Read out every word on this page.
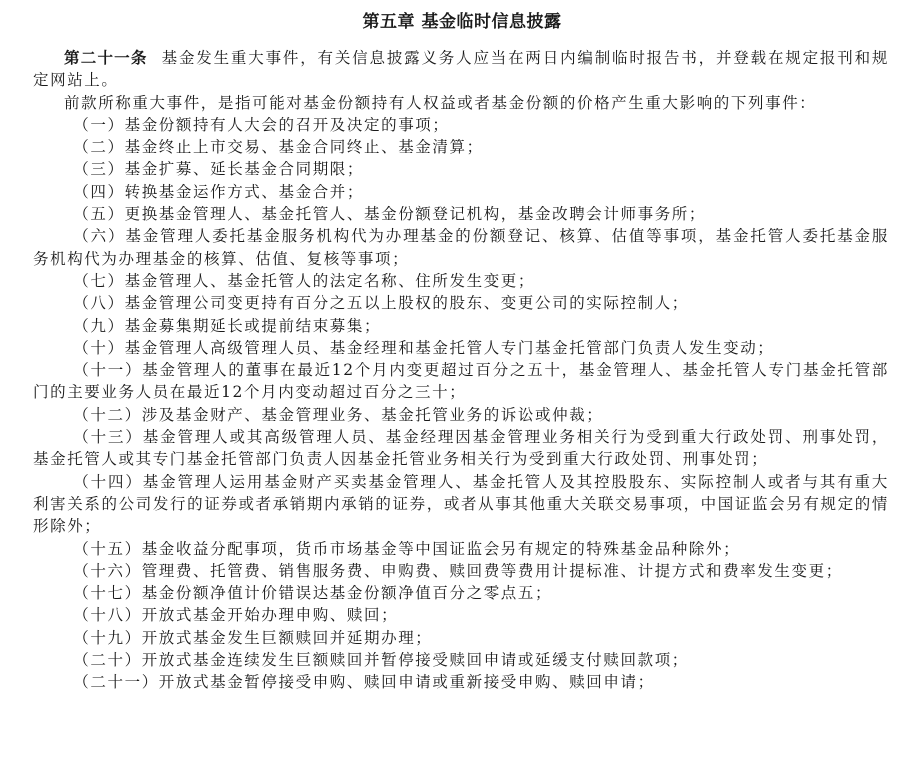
第五章 基金临时信息披露

第二十一条 基金发生重大事件，有关信息披露义务人应当在两日内编制临时报告书，并登载在规定报刊和规定网站上。

前款所称重大事件，是指可能对基金份额持有人权益或者基金份额的价格产生重大影响的下列事件：

（一）基金份额持有人大会的召开及决定的事项；

（二）基金终止上市交易、基金合同终止、基金清算；

（三）基金扩募、延长基金合同期限；

（四）转换基金运作方式、基金合并；

（五）更换基金管理人、基金托管人、基金份额登记机构，基金改聘会计师事务所；

（六）基金管理人委托基金服务机构代为办理基金的份额登记、核算、估值等事项，基金托管人委托基金服务机构代为办理基金的核算、估值、复核等事项；

（七）基金管理人、基金托管人的法定名称、住所发生变更；

（八）基金管理公司变更持有百分之五以上股权的股东、变更公司的实际控制人；

（九）基金募集期延长或提前结束募集；

（十）基金管理人高级管理人员、基金经理和基金托管人专门基金托管部门负责人发生变动；

（十一）基金管理人的董事在最近12个月内变更超过百分之五十，基金管理人、基金托管人专门基金托管部门的主要业务人员在最近12个月内变动超过百分之三十；

（十二）涉及基金财产、基金管理业务、基金托管业务的诉讼或仲裁；

（十三）基金管理人或其高级管理人员、基金经理因基金管理业务相关行为受到重大行政处罚、刑事处罚，基金托管人或其专门基金托管部门负责人因基金托管业务相关行为受到重大行政处罚、刑事处罚；

（十四）基金管理人运用基金财产买卖基金管理人、基金托管人及其控股股东、实际控制人或者与其有重大利害关系的公司发行的证券或者承销期内承销的证券，或者从事其他重大关联交易事项，中国证监会另有规定的情形除外；

（十五）基金收益分配事项，货币市场基金等中国证监会另有规定的特殊基金品种除外；

（十六）管理费、托管费、销售服务费、申购费、赎回费等费用计提标准、计提方式和费率发生变更；

（十七）基金份额净值计价错误达基金份额净值百分之零点五；

（十八）开放式基金开始办理申购、赎回；

（十九）开放式基金发生巨额赎回并延期办理；

（二十）开放式基金连续发生巨额赎回并暂停接受赎回申请或延缓支付赎回款项；

（二十一）开放式基金暂停接受申购、赎回申请或重新接受申购、赎回申请；
